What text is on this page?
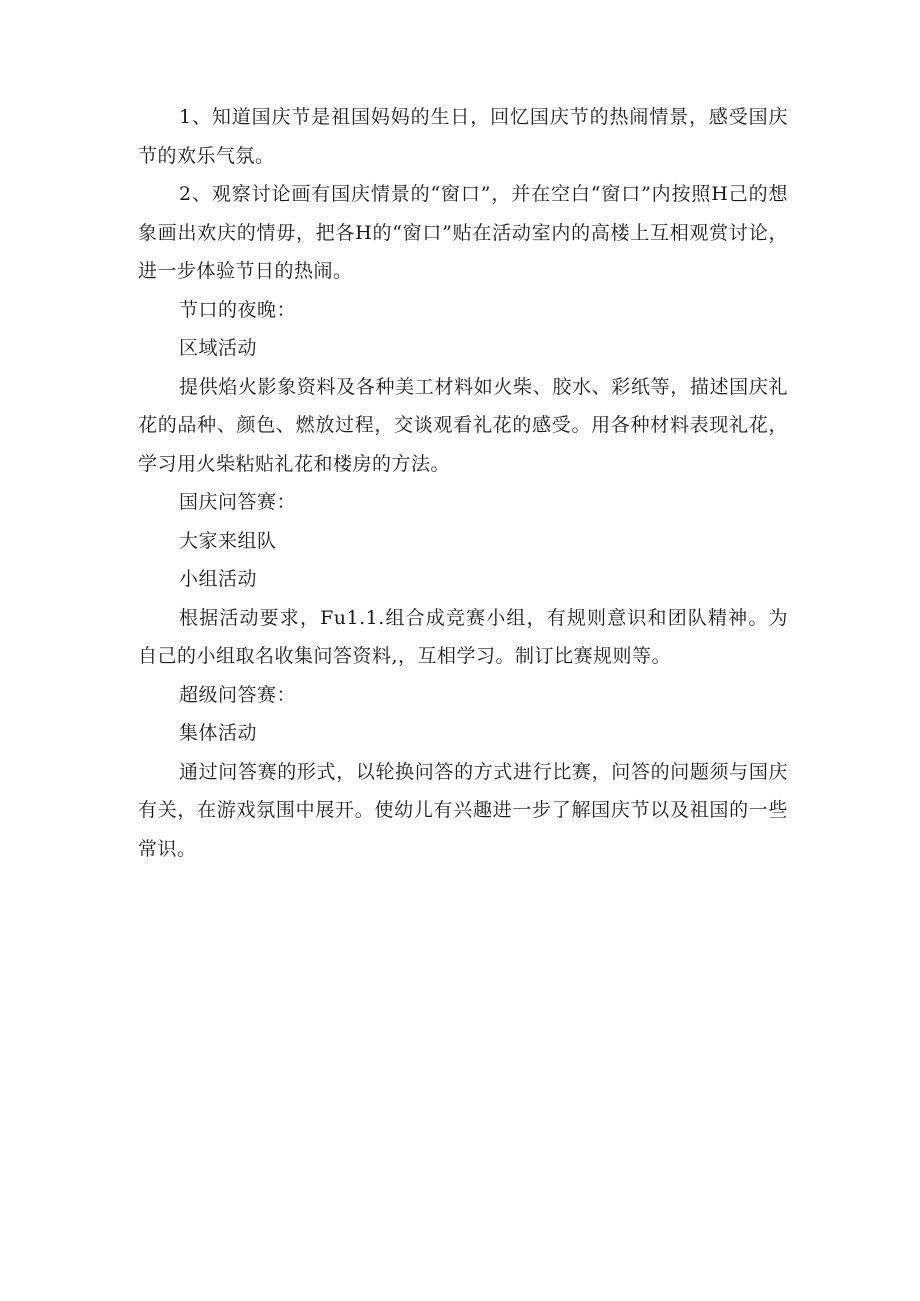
1、知道国庆节是祖国妈妈的生日，回忆国庆节的热闹情景，感受国庆节的欢乐气氛。

2、观察讨论画有国庆情景的“窗口”，并在空白“窗口”内按照H己的想象画出欢庆的情毋，把各H的“窗口”贴在活动室内的高楼上互相观赏讨论，进一步体验节日的热闹。

节口的夜晚：

区域活动

提供焰火影象资料及各种美工材料如火柴、胶水、彩纸等，描述国庆礼花的品种、颜色、燃放过程，交谈观看礼花的感受。用各种材料表现礼花，学习用火柴粘贴礼花和楼房的方法。

国庆问答赛：

大家来组队

小组活动

根据活动要求，Fu1.1.组合成竞赛小组，有规则意识和团队精神。为自己的小组取名收集问答资料,，互相学习。制订比赛规则等。

超级问答赛：

集体活动

通过问答赛的形式，以轮换问答的方式进行比赛，问答的问题须与国庆有关，在游戏氛围中展开。使幼儿有兴趣进一步了解国庆节以及祖国的一些常识。
